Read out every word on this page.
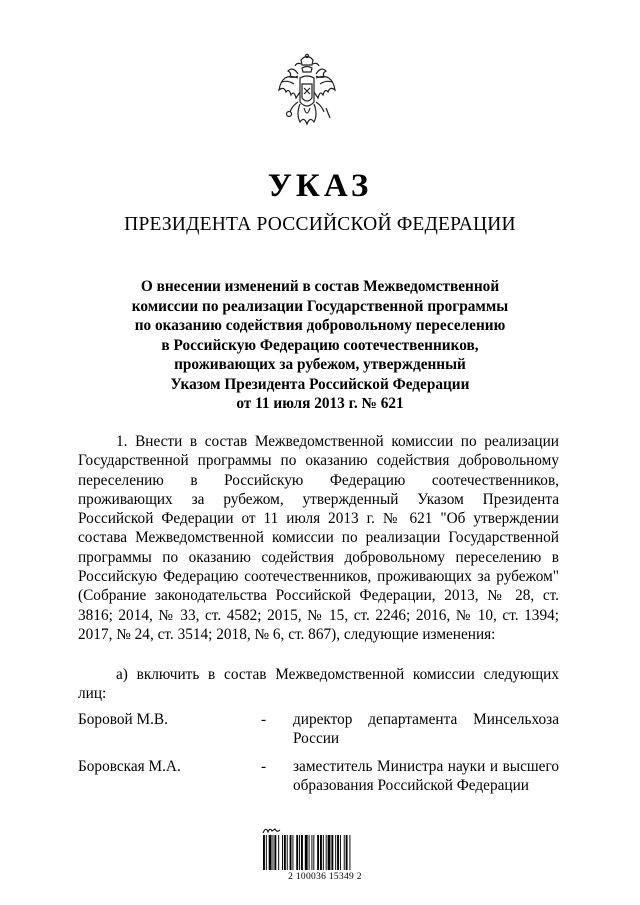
УКАЗ
ПРЕЗИДЕНТА РОССИЙСКОЙ ФЕДЕРАЦИИ
О внесении изменений в состав Межведомственной
комиссии по реализации Государственной программы
по оказанию содействия добровольному переселению
в Российскую Федерацию соотечественников,
проживающих за рубежом, утвержденный
Указом Президента Российской Федерации
от 11 июля 2013 г. № 621

1. Внести в состав Межведомственной комиссии по реализации Государственной программы по оказанию содействия добровольному переселению в Российскую Федерацию соотечественников, проживающих за рубежом, утвержденный Указом Президента Российской Федерации от 11 июля 2013 г. № 621 "Об утверждении состава Межведомственной комиссии по реализации Государственной программы по оказанию содействия добровольному переселению в Российскую Федерацию соотечественников, проживающих за рубежом" (Собрание законодательства Российской Федерации, 2013, № 28, ст. 3816; 2014, № 33, ст. 4582; 2015, № 15, ст. 2246; 2016, № 10, ст. 1394; 2017, № 24, ст. 3514; 2018, № 6, ст. 867), следующие изменения:

а) включить в состав Межведомственной комиссии следующих лиц:

Боровой М.В.	- директор департамента Минсельхоза России
Боровская М.А.	- заместитель Министра науки и высшего образования Российской Федерации
2 100036 15349 2
